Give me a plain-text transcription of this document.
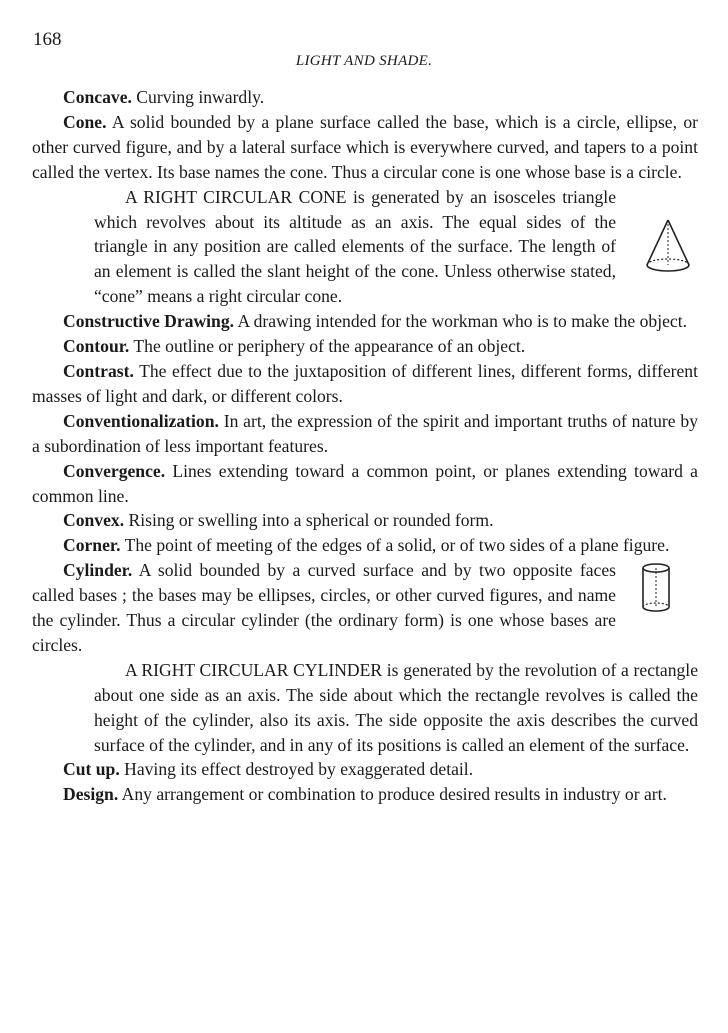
168
LIGHT AND SHADE.

Concave. Curving inwardly.

Cone. A solid bounded by a plane surface called the base, which is a circle, ellipse, or other curved figure, and by a lateral surface which is everywhere curved, and tapers to a point called the vertex. Its base names the cone. Thus a circular cone is one whose base is a circle.

A RIGHT CIRCULAR CONE is generated by an isosceles triangle which revolves about its altitude as an axis. The equal sides of the triangle in any position are called elements of the surface. The length of an element is called the slant height of the cone. Unless otherwise stated, “cone” means a right circular cone.

Constructive Drawing. A drawing intended for the workman who is to make the object.

Contour. The outline or periphery of the appearance of an object.

Contrast. The effect due to the juxtaposition of different lines, different forms, different masses of light and dark, or different colors.

Conventionalization. In art, the expression of the spirit and important truths of nature by a subordination of less important features.

Convergence. Lines extending toward a common point, or planes extending toward a common line.

Convex. Rising or swelling into a spherical or rounded form.

Corner. The point of meeting of the edges of a solid, or of two sides of a plane figure.

Cylinder. A solid bounded by a curved surface and by two opposite faces called bases ; the bases may be ellipses, circles, or other curved figures, and name the cylinder. Thus a circular cylinder (the ordinary form) is one whose bases are circles.

A RIGHT CIRCULAR CYLINDER is generated by the revolution of a rectangle about one side as an axis. The side about which the rectangle revolves is called the height of the cylinder, also its axis. The side opposite the axis describes the curved surface of the cylinder, and in any of its positions is called an element of the surface.

Cut up. Having its effect destroyed by exaggerated detail.

Design. Any arrangement or combination to produce desired results in industry or art.
